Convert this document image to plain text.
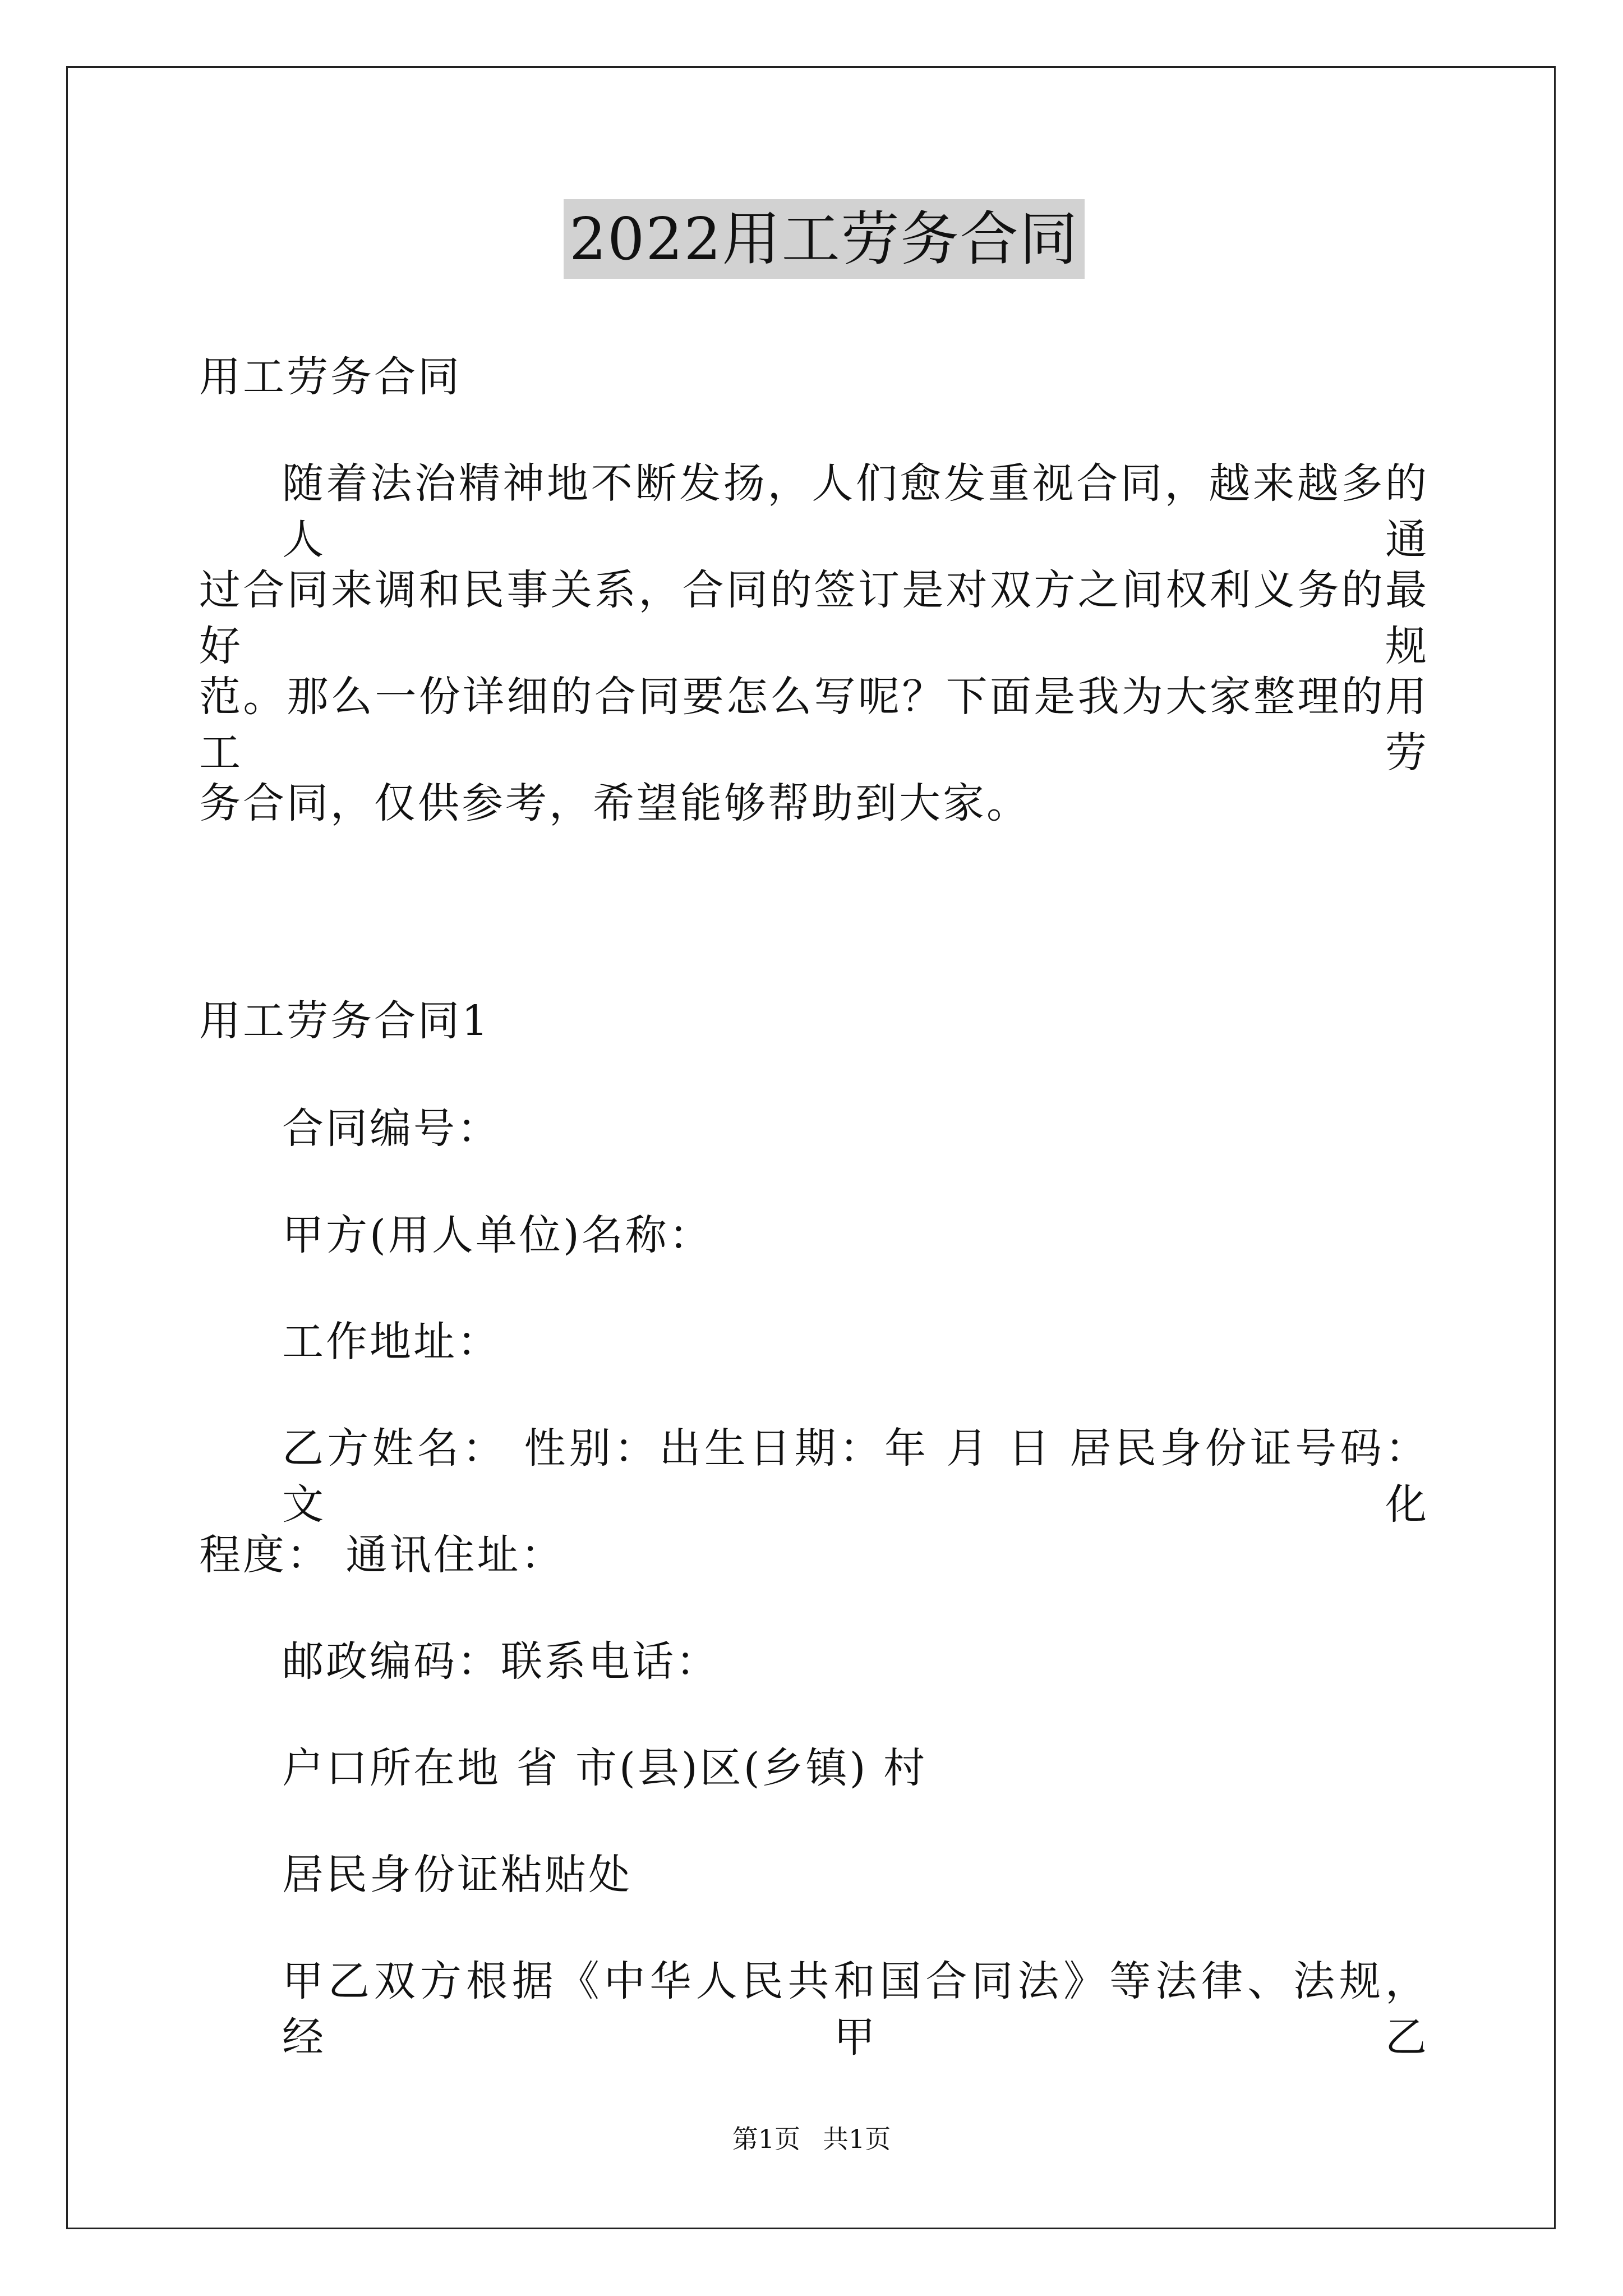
2022用工劳务合同
用工劳务合同
随着法治精神地不断发扬，人们愈发重视合同，越来越多的人通
过合同来调和民事关系，合同的签订是对双方之间权利义务的最好规
范。那么一份详细的合同要怎么写呢？下面是我为大家整理的用工劳
务合同，仅供参考，希望能够帮助到大家。
用工劳务合同1
合同编号：
甲方(用人单位)名称：
工作地址：
乙方姓名： 性别：出生日期：年 月 日 居民身份证号码： 文化
程度： 通讯住址：
邮政编码：联系电话：
户口所在地 省 市(县)区(乡镇) 村
居民身份证粘贴处
甲乙双方根据《中华人民共和国合同法》等法律、法规， 经甲乙
第1页 共1页
